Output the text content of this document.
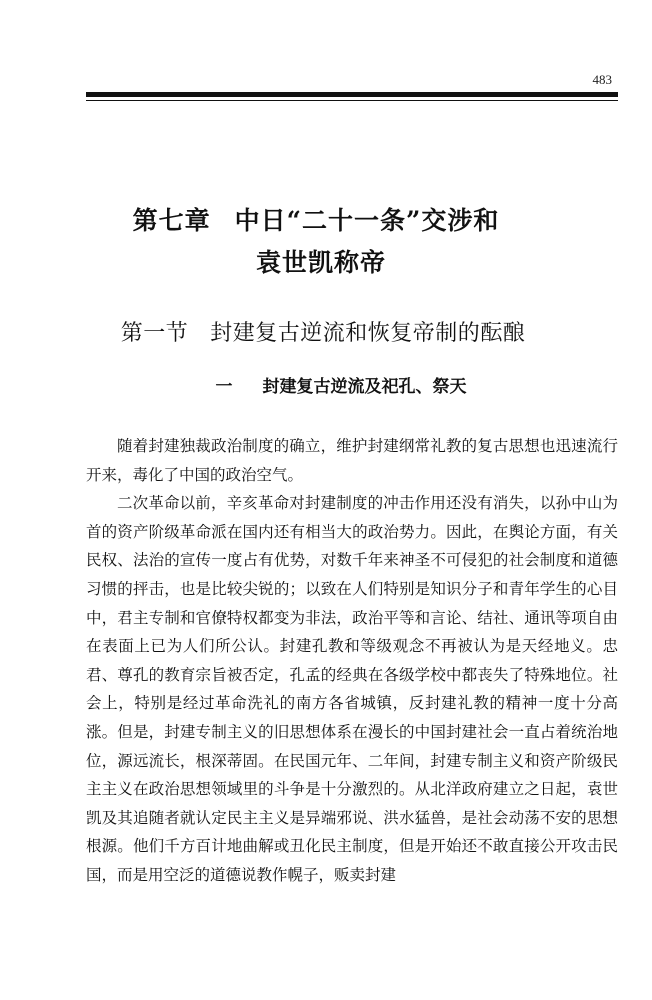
483
第七章 中日“二十一条”交涉和
袁世凯称帝
第一节 封建复古逆流和恢复帝制的酝酿
一 封建复古逆流及祀孔、祭天

随着封建独裁政治制度的确立，维护封建纲常礼教的复古思想也迅速流行开来，毒化了中国的政治空气。

二次革命以前，辛亥革命对封建制度的冲击作用还没有消失，以孙中山为首的资产阶级革命派在国内还有相当大的政治势力。因此，在舆论方面，有关民权、法治的宣传一度占有优势，对数千年来神圣不可侵犯的社会制度和道德习惯的抨击，也是比较尖锐的；以致在人们特别是知识分子和青年学生的心目中，君主专制和官僚特权都变为非法，政治平等和言论、结社、通讯等项自由在表面上已为人们所公认。封建孔教和等级观念不再被认为是天经地义。忠君、尊孔的教育宗旨被否定，孔孟的经典在各级学校中都丧失了特殊地位。社会上，特别是经过革命洗礼的南方各省城镇，反封建礼教的精神一度十分高涨。但是，封建专制主义的旧思想体系在漫长的中国封建社会一直占着统治地位，源远流长，根深蒂固。在民国元年、二年间，封建专制主义和资产阶级民主主义在政治思想领域里的斗争是十分激烈的。从北洋政府建立之日起，袁世凯及其追随者就认定民主主义是异端邪说、洪水猛兽，是社会动荡不安的思想根源。他们千方百计地曲解或丑化民主制度，但是开始还不敢直接公开攻击民国，而是用空泛的道德说教作幌子，贩卖封建
